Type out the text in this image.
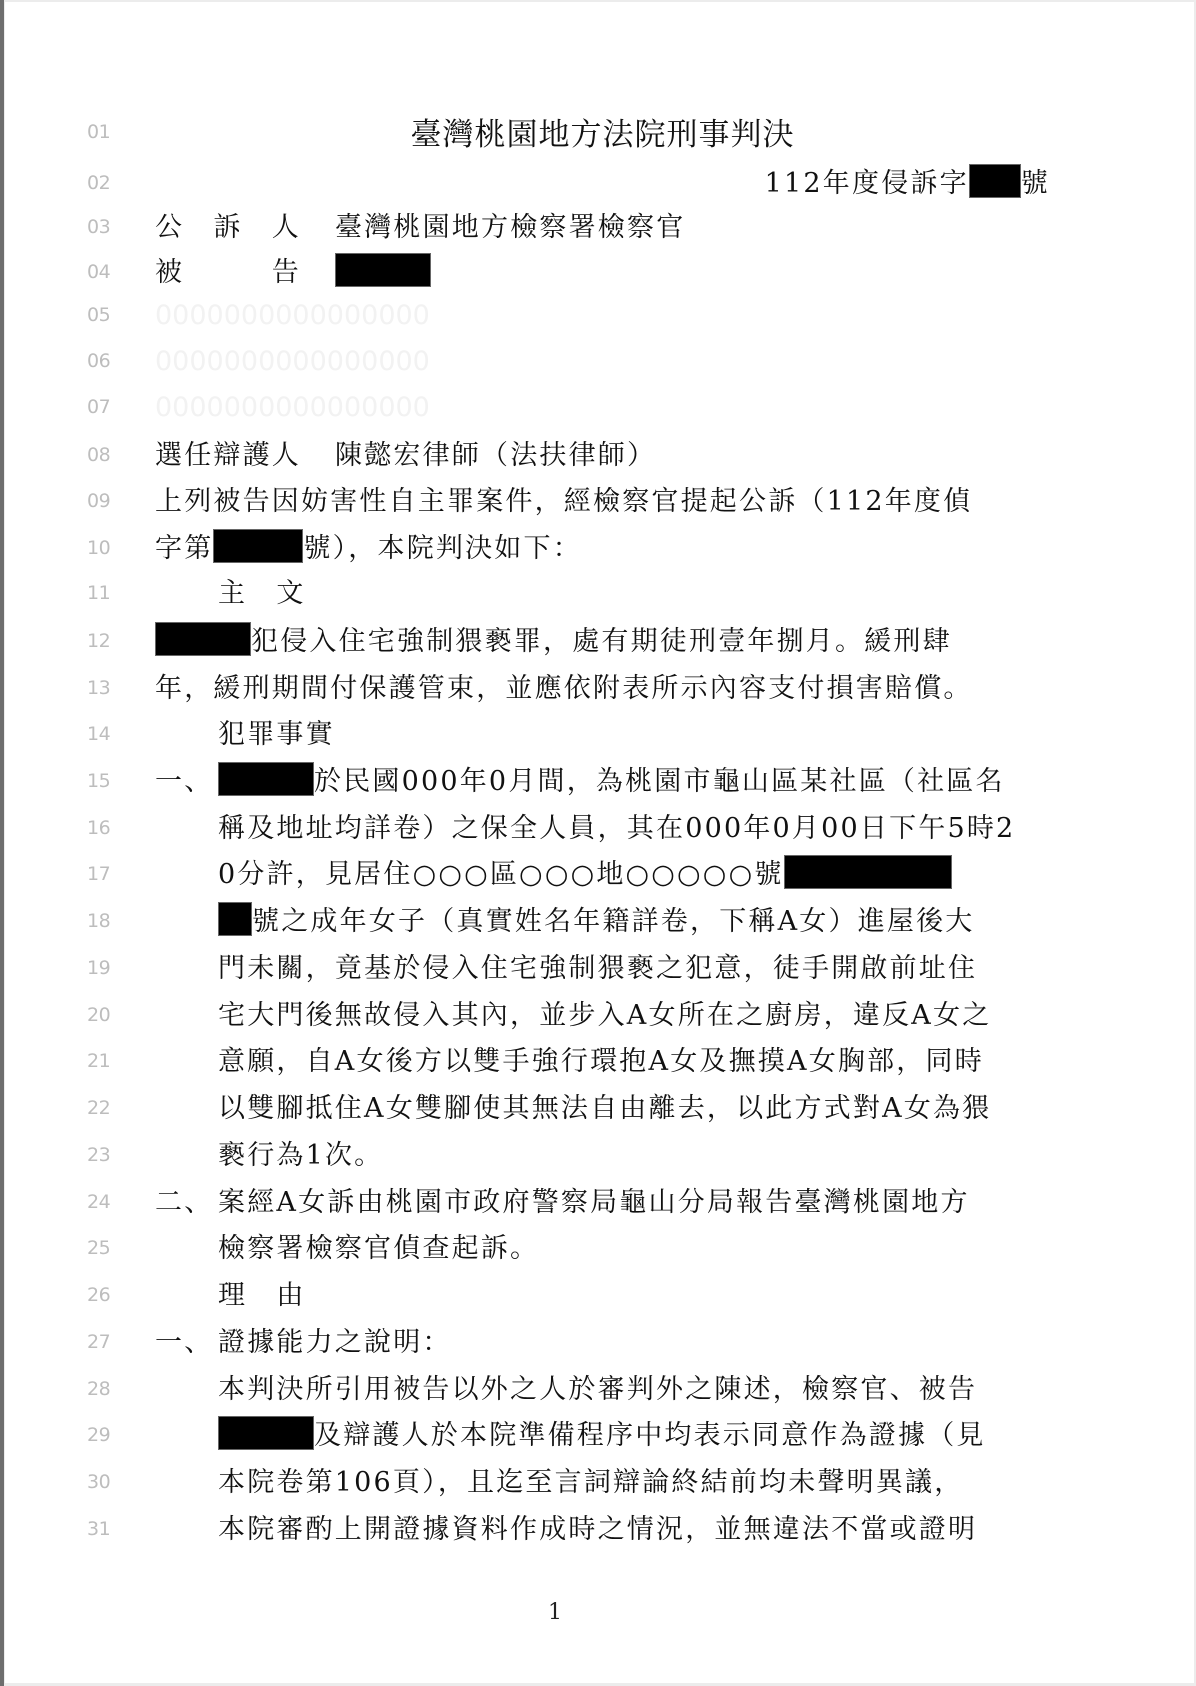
01
02
03
04
05
06
07
08
09
10
11
12
13
14
15
16
17
18
19
20
21
22
23
24
25
26
27
28
29
30
31
臺灣桃園地方法院刑事判決
112年度侵訴字 號
公　訴　人 臺灣桃園地方檢察署檢察官
被　　　告
0000000000000000
0000000000000000
0000000000000000
選任辯護人 陳懿宏律師（法扶律師）
上列被告因妨害性自主罪案件，經檢察官提起公訴（112年度偵
字第	號），本院判決如下：
主　文
犯侵入住宅強制猥褻罪，處有期徒刑壹年捌月。緩刑肆
年，緩刑期間付保護管束，並應依附表所示內容支付損害賠償。
犯罪事實
一、	於民國000年0月間，為桃園市龜山區某社區（社區名
稱及地址均詳卷）之保全人員，其在000年0月00日下午5時2
0分許，見居住○○○區○○○地○○○○○號
號之成年女子（真實姓名年籍詳卷，下稱A女）進屋後大
門未關，竟基於侵入住宅強制猥褻之犯意，徒手開啟前址住
宅大門後無故侵入其內，並步入A女所在之廚房，違反A女之
意願，自A女後方以雙手強行環抱A女及撫摸A女胸部，同時
以雙腳抵住A女雙腳使其無法自由離去，以此方式對A女為猥
褻行為1次。
二、 案經A女訴由桃園市政府警察局龜山分局報告臺灣桃園地方
檢察署檢察官偵查起訴。
理　由
一、 證據能力之說明：
本判決所引用被告以外之人於審判外之陳述，檢察官、被告
及辯護人於本院準備程序中均表示同意作為證據（見
本院卷第106頁），且迄至言詞辯論終結前均未聲明異議，
本院審酌上開證據資料作成時之情況，並無違法不當或證明
1
